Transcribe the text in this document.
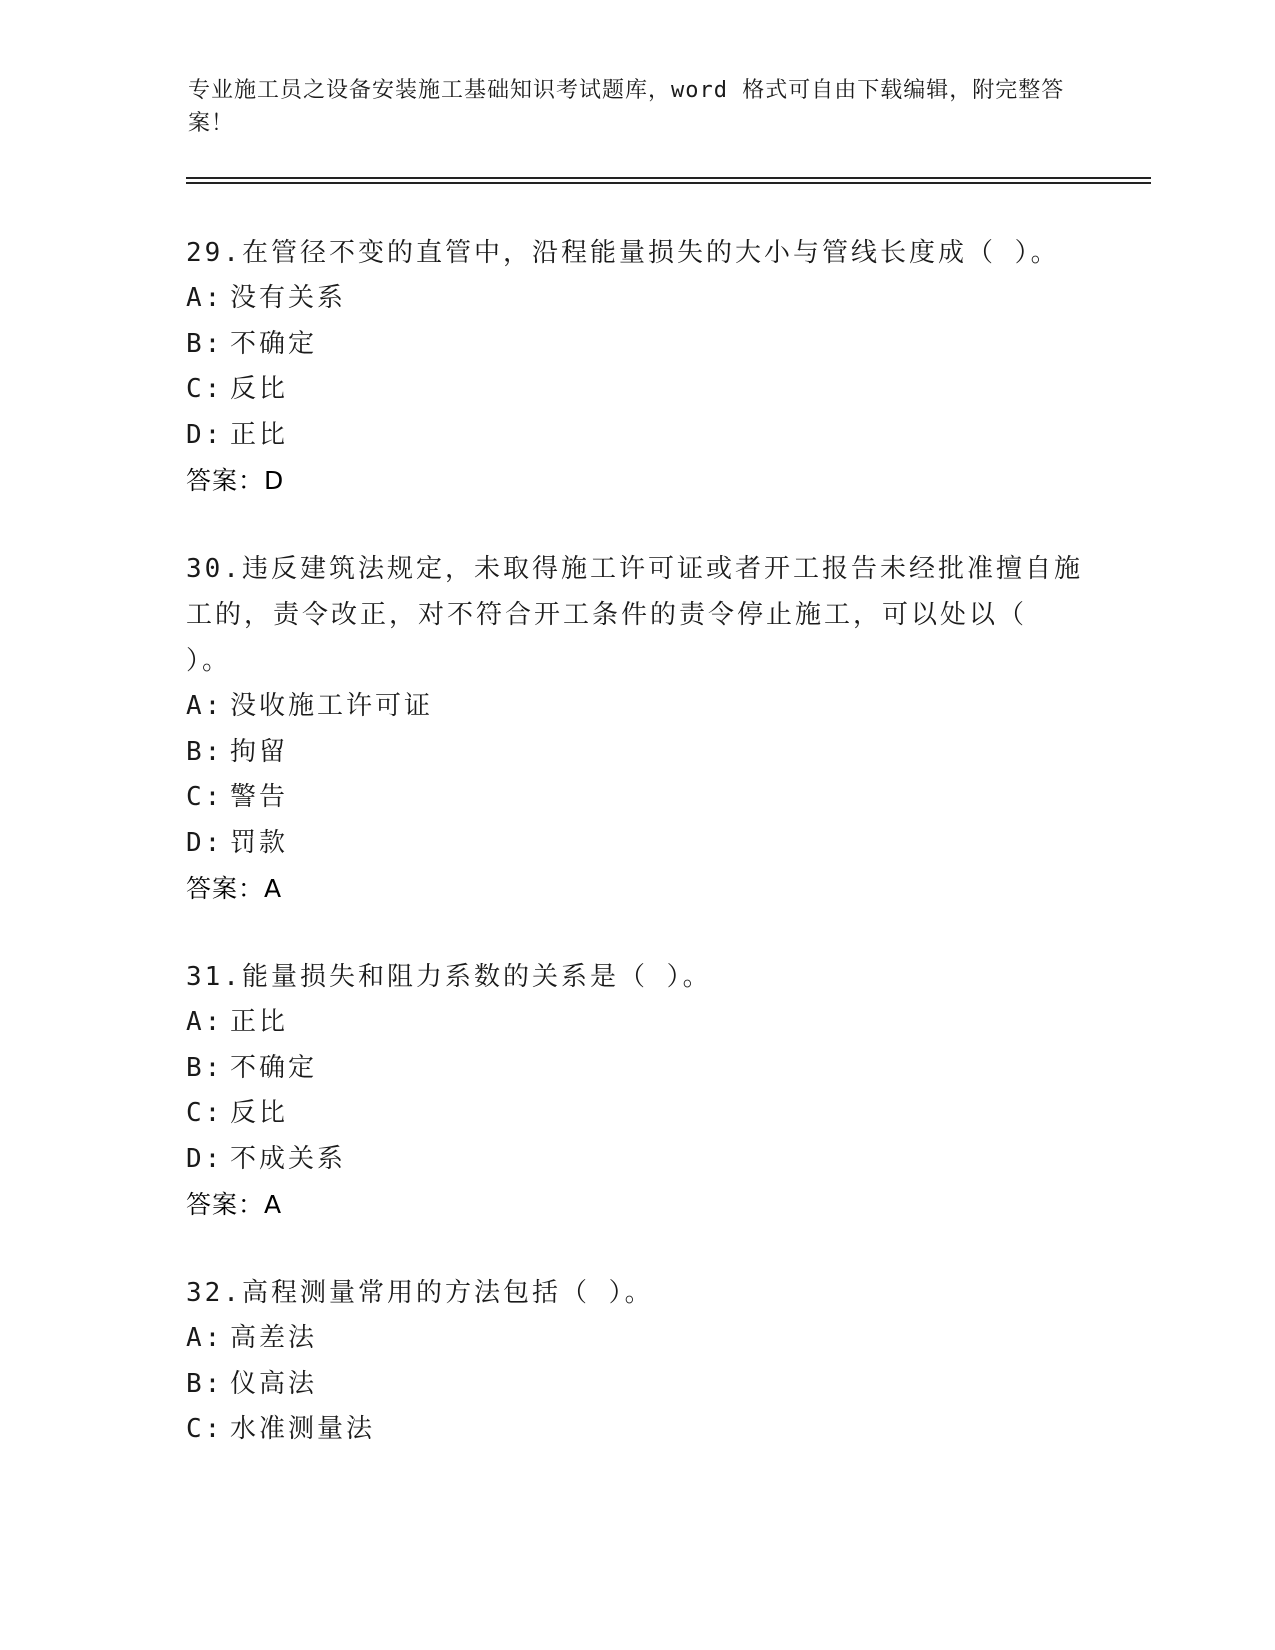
专业施工员之设备安装施工基础知识考试题库，word 格式可自由下载编辑，附完整答案！

29.在管径不变的直管中，沿程能量损失的大小与管线长度成（ ）。

A: 没有关系
B: 不确定
C: 反比
D: 正比
答案：D

30.违反建筑法规定，未取得施工许可证或者开工报告未经批准擅自施工的，责令改正，对不符合开工条件的责令停止施工，可以处以（ ）。

A: 没收施工许可证
B: 拘留
C: 警告
D: 罚款
答案：A

31.能量损失和阻力系数的关系是（ ）。

A: 正比
B: 不确定
C: 反比
D: 不成关系
答案：A

32.高程测量常用的方法包括（ ）。

A: 高差法
B: 仪高法
C: 水准测量法
